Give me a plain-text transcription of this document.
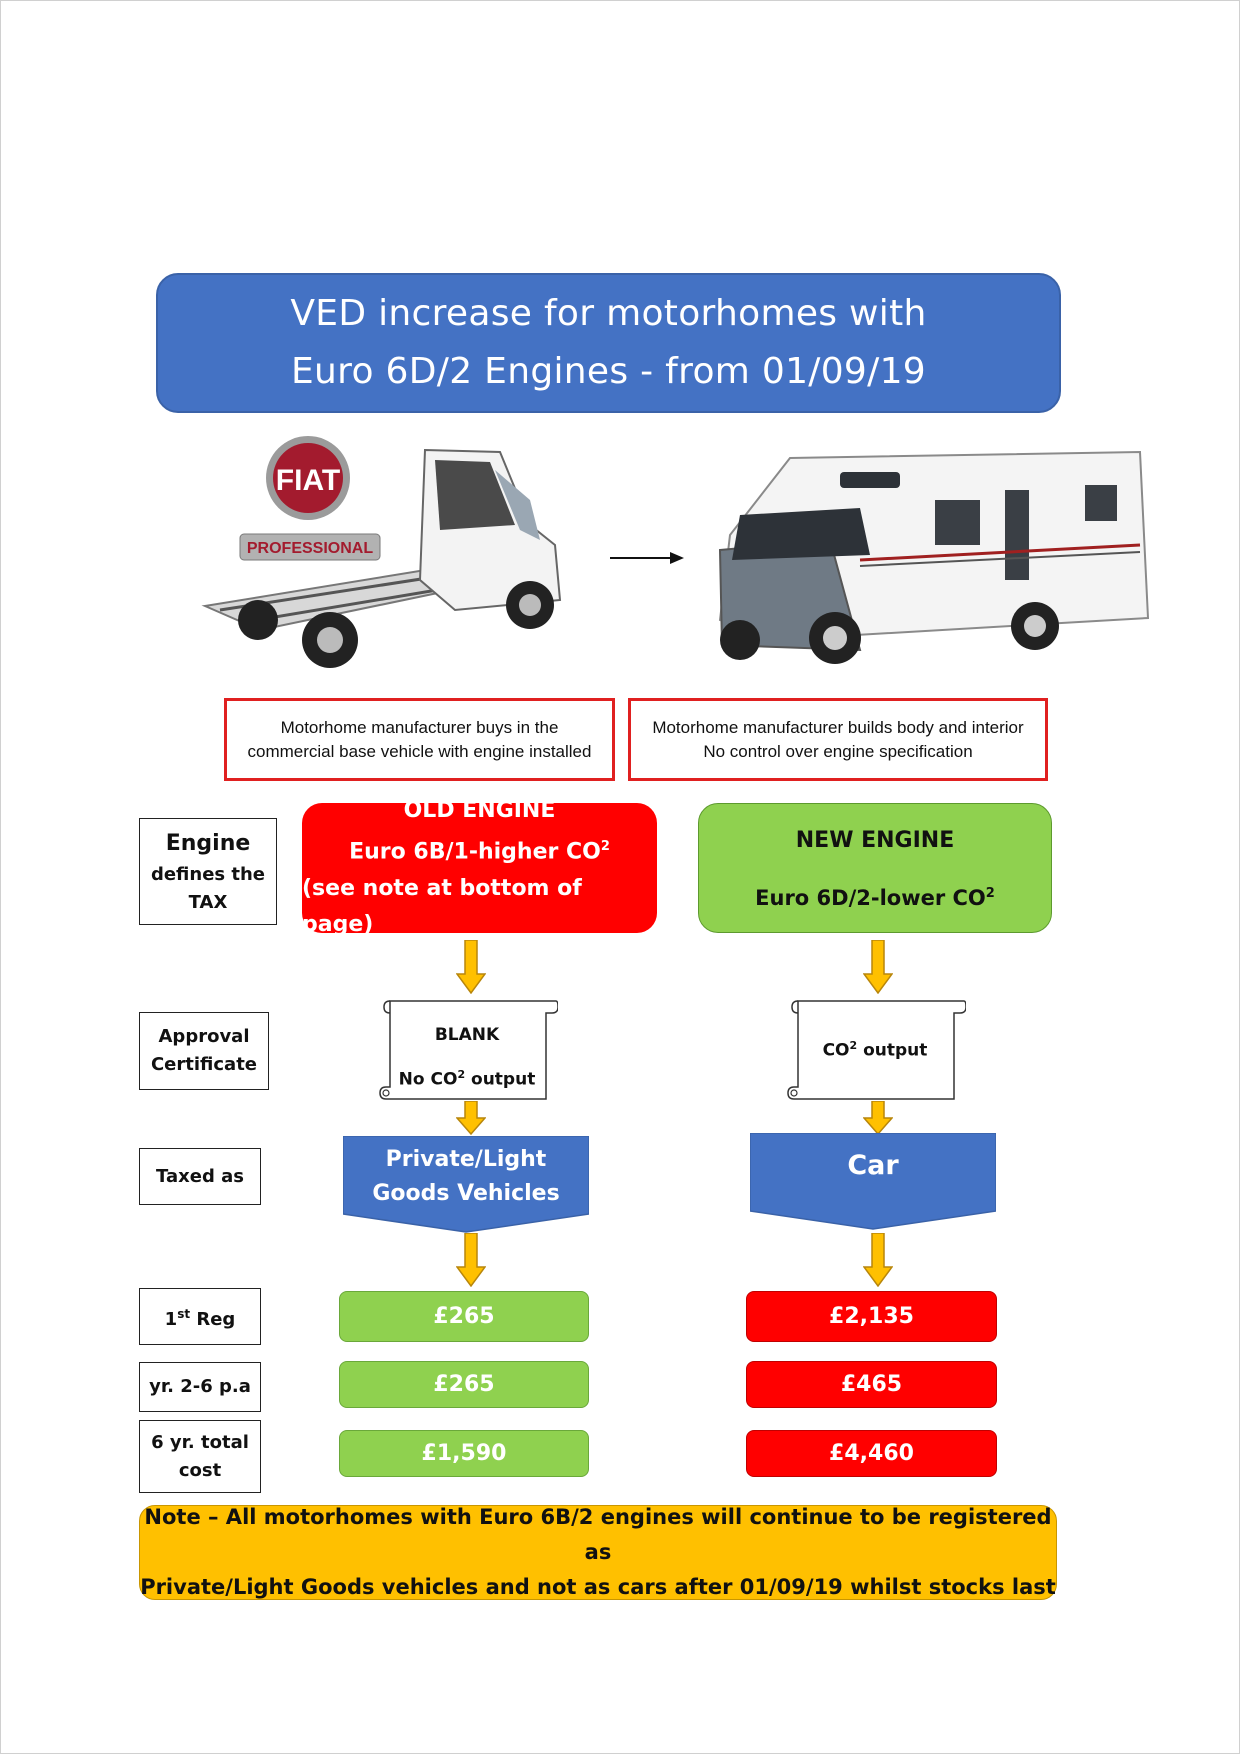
VED increase for motorhomes with
Euro 6D/2 Engines - from 01/09/19
FIAT
PROFESSIONAL
Motorhome manufacturer buys in the
commercial base vehicle with engine installed
Motorhome manufacturer builds body and interior
No control over engine specification
Engine
defines the
TAX
Approval
Certificate
Taxed as
1st Reg
yr. 2-6 p.a
6 yr. total
cost
OLD ENGINE
Euro 6B/1-higher $CO^2$
(see note at bottom of page)
NEW ENGINE
Euro 6D/2-lower $CO^2$
BLANK
No $CO^2$ output
$CO^2$ output
Private/Light
Goods Vehicles
Car
£265
£265
£1,590
£2,135
£465
£4,460
Note – All motorhomes with Euro 6B/2 engines will continue to be registered as
Private/Light Goods vehicles and not as cars after 01/09/19 whilst stocks last
